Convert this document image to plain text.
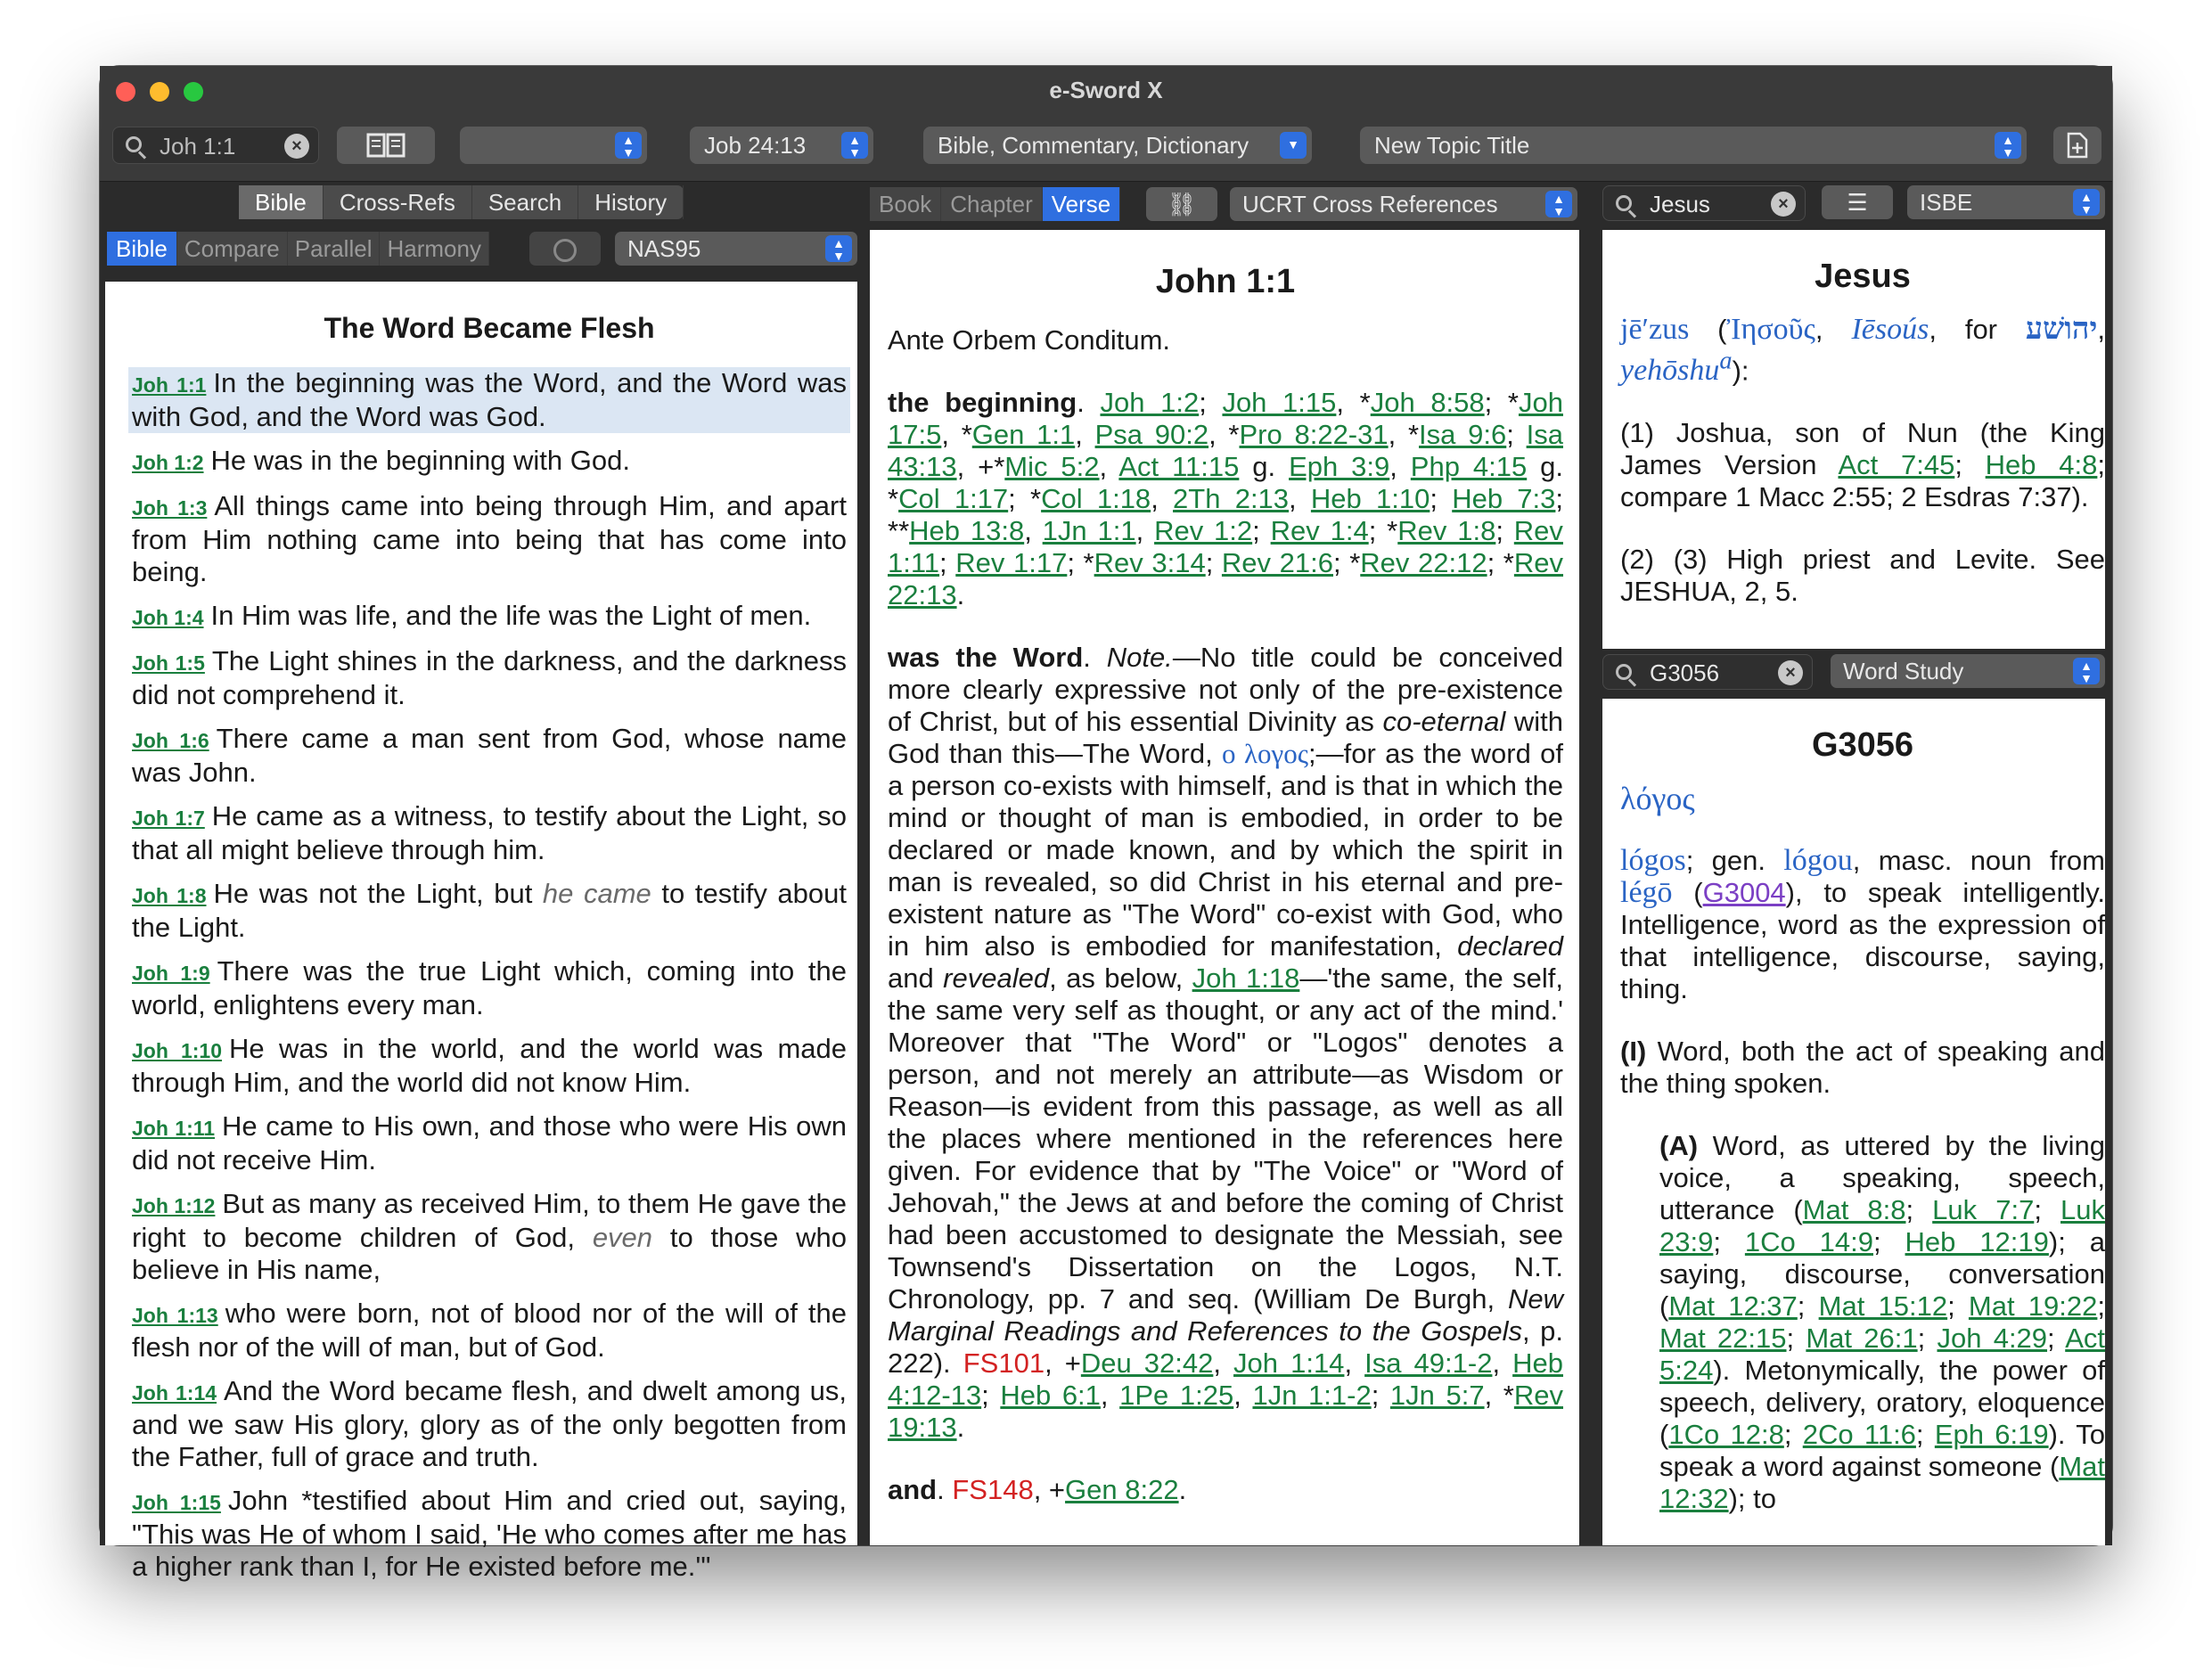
e-Sword X
Joh 1:1	×	▲
▼	Job 24:13	▲
▼	Bible, Commentary, Dictionary	▼	New Topic Title	▲
▼
Bible	Cross-Refs	Search	History
Bible Compare Parallel Harmony	NAS95	▲
▼
The Word Became Flesh
Joh 1:1 In the beginning was the Word, and the Word was with God, and the Word was God.
Joh 1:2 He was in the beginning with God.
Joh 1:3 All things came into being through Him, and apart from Him nothing came into being that has come into being.
Joh 1:4 In Him was life, and the life was the Light of men.
Joh 1:5 The Light shines in the darkness, and the darkness did not comprehend it.
Joh 1:6 There came a man sent from God, whose name was John.
Joh 1:7 He came as a witness, to testify about the Light, so that all might believe through him.
Joh 1:8 He was not the Light, but he came to testify about the Light.
Joh 1:9 There was the true Light which, coming into the world, enlightens every man.
Joh 1:10 He was in the world, and the world was made through Him, and the world did not know Him.
Joh 1:11 He came to His own, and those who were His own did not receive Him.
Joh 1:12 But as many as received Him, to them He gave the right to become children of God, even to those who believe in His name,
Joh 1:13 who were born, not of blood nor of the will of the flesh nor of the will of man, but of God.
Joh 1:14 And the Word became flesh, and dwelt among us, and we saw His glory, glory as of the only begotten from the Father, full of grace and truth.
Joh 1:15 John *testified about Him and cried out, saying, "This was He of whom I said, 'He who comes after me has a higher rank than I, for He existed before me.'"
Book Chapter Verse	⛓	UCRT Cross References	▲
▼
John 1:1

Ante Orbem Conditum.

the beginning. Joh 1:2; Joh 1:15, *Joh 8:58; *Joh 17:5, *Gen 1:1, Psa 90:2, *Pro 8:22-31, *Isa 9:6; Isa 43:13, +*Mic 5:2, Act 11:15 g. Eph 3:9, Php 4:15 g. *Col 1:17; *Col 1:18, 2Th 2:13, Heb 1:10; Heb 7:3; **Heb 13:8, 1Jn 1:1, Rev 1:2; Rev 1:4; *Rev 1:8; Rev 1:11; Rev 1:17; *Rev 3:14; Rev 21:6; *Rev 22:12; *Rev 22:13.

was the Word. Note.—No title could be conceived more clearly expressive not only of the pre-existence of Christ, but of his essential Divinity as co-eternal with God than this—The Word, ο λογος;—for as the word of a person co-exists with himself, and is that in which the mind or thought of man is embodied, in order to be declared or made known, and by which the spirit in man is revealed, so did Christ in his eternal and pre-existent nature as "The Word" co-exist with God, who in him also is embodied for manifestation, declared and revealed, as below, Joh 1:18—'the same, the self, the same very self as thought, or any act of the mind.' Moreover that "The Word" or "Logos" denotes a person, and not merely an attribute—as Wisdom or Reason—is evident from this passage, as well as all the places where mentioned in the references here given. For evidence that by "The Voice" or "Word of Jehovah," the Jews at and before the coming of Christ had been accustomed to designate the Messiah, see Townsend's Dissertation on the Logos, N.T. Chronology, pp. 7 and seq. (William De Burgh, New Marginal Readings and References to the Gospels, p. 222). FS101, +Deu 32:42, Joh 1:14, Isa 49:1-2, Heb 4:12-13; Heb 6:1, 1Pe 1:25, 1Jn 1:1-2; 1Jn 5:7, *Rev 19:13.

and. FS148, +Gen 8:22.

Jesus	×	☰	ISBE	▲
▼
Jesus

jē′zus (Ἰησοῦς, Iēsoús, for יהושׁע, yehōshu$^a$):

(1) Joshua, son of Nun (the King James Version Act 7:45; Heb 4:8; compare 1 Macc 2:55; 2 Esdras 7:37).

(2) (3) High priest and Levite. See JESHUA, 2, 5.

G3056	×	Word Study	▲
▼
G3056

λόγος

lógos; gen. lógou, masc. noun from légō (G3004), to speak intelligently. Intelligence, word as the expression of that intelligence, discourse, saying, thing.

(I) Word, both the act of speaking and the thing spoken.

(A) Word, as uttered by the living voice, a speaking, speech, utterance (Mat 8:8; Luk 7:7; Luk 23:9; 1Co 14:9; Heb 12:19); a saying, discourse, conversation (Mat 12:37; Mat 15:12; Mat 19:22; Mat 22:15; Mat 26:1; Joh 4:29; Act 5:24). Metonymically, the power of speech, delivery, oratory, eloquence (1Co 12:8; 2Co 11:6; Eph 6:19). To speak a word against someone (Mat 12:32); to
